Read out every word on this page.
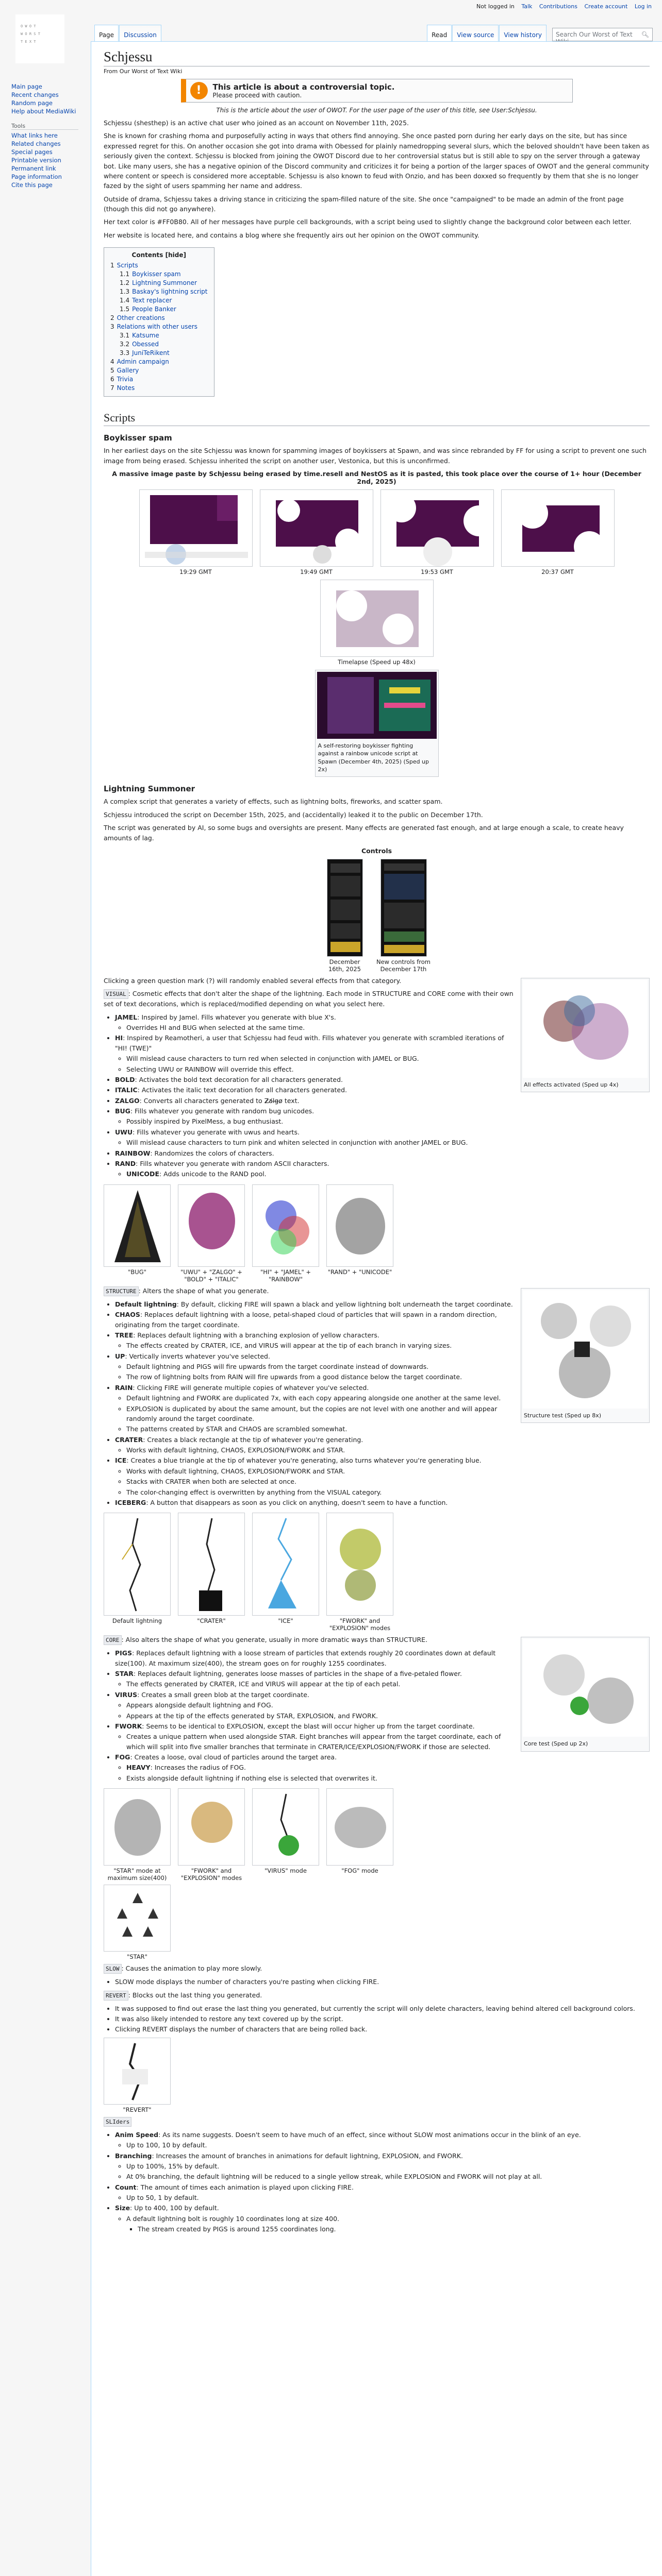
O W O T
W O R S T
T E X T
Not logged in Talk Contributions Create account Log in
Page	Discussion	Read	View source	View history	Search Our Worst of Text	🔍︎
Main page
Recent changes
Random page
Help about MediaWiki
Tools
What links here
Related changes
Special pages
Printable version
Permanent link
Page information
Cite this page
Schjessu
From Our Worst of Text Wiki
!	This article is about a controversial topic.
Please proceed with caution.
This is the article about the user of OWOT. For the user page of the user of this title, see User:Schjessu.

Schjessu (shesthep) is an active chat user who joined as an account on November 11th, 2025.

She is known for crashing rhoma and purposefully acting in ways that others find annoying. She once pasted porn during her early days on the site, but has since expressed regret for this. On another occasion she got into drama with Obessed for plainly namedropping several slurs, which the beloved shouldn't have been taken as seriously given the context. Schjessu is blocked from joining the OWOT Discord due to her controversial status but is still able to spy on the server through a gateway bot. Like many users, she has a negative opinion of the Discord community and criticizes it for being a portion of the larger spaces of OWOT and the general community where content or speech is considered more acceptable. Schjessu is also known to feud with Onzio, and has been doxxed so frequently by them that she is no longer fazed by the sight of users spamming her name and address.

Outside of drama, Schjessu takes a driving stance in criticizing the spam-filled nature of the site. She once "campaigned" to be made an admin of the front page (though this did not go anywhere).

Her text color is #FF0B80. All of her messages have purple cell backgrounds, with a script being used to slightly change the background color between each letter.

Her website is located here, and contains a blog where she frequently airs out her opinion on the OWOT community.

Contents [hide]
1 Scripts
1.1 Boykisser spam
1.2 Lightning Summoner
1.3 Baskay's lightning script
1.4 Text replacer
1.5 People Banker
2 Other creations
3 Relations with other users
3.1 Katsume
3.2 Obessed
3.3 JuniTeRikent
4 Admin campaign
5 Gallery
6 Trivia
7 Notes
Scripts
Boykisser spam

In her earliest days on the site Schjessu was known for spamming images of boykissers at Spawn, and was since rebranded by FF for using a script to prevent one such image from being erased. Schjessu inherited the script on another user, Vestonica, but this is unconfirmed.

A massive image paste by Schjessu being erased by time.resell and NestOS as it is pasted, this took place over the course of 1+ hour (December 2nd, 2025)
19:29 GMT	19:49 GMT	19:53 GMT	20:37 GMT
Timelapse (Speed up 48x)
A self-restoring boykisser fighting against a rainbow unicode script at Spawn (December 4th, 2025) (Sped up 2x)
Lightning Summoner

A complex script that generates a variety of effects, such as lightning bolts, fireworks, and scatter spam.

Schjessu introduced the script on December 15th, 2025, and (accidentally) leaked it to the public on December 17th.

The script was generated by AI, so some bugs and oversights are present. Many effects are generated fast enough, and at large enough a scale, to create heavy amounts of lag.

Controls
December 16th, 2025
New controls from December 17th
All effects activated (Sped up 4x)

Clicking a green question mark (?) will randomly enabled several effects from that category.

VISUAL : Cosmetic effects that don't alter the shape of the lightning. Each mode in STRUCTURE and CORE come with their own set of text decorations, which is replaced/modified depending on what you select here.

• JAMEL: Inspired by Jamel. Fills whatever you generate with blue X's.
◦ Overrides HI and BUG when selected at the same time.
• HI: Inspired by Reamotheri, a user that Schjessu had feud with. Fills whatever you generate with scrambled iterations of "HI! (TWE)"
◦ Will mislead cause characters to turn red when selected in conjunction with JAMEL or BUG.
◦ Selecting UWU or RAINBOW will override this effect.
• BOLD: Activates the bold text decoration for all characters generated.
• ITALIC: Activates the italic text decoration for all characters generated.
• ZALGO: Converts all characters generated to Z̷a̸l̵g̶o̷ text.
• BUG: Fills whatever you generate with random bug unicodes.
◦ Possibly inspired by PixelMess, a bug enthusiast.
• UWU: Fills whatever you generate with uwus and hearts.
◦ Will mislead cause characters to turn pink and whiten selected in conjunction with another JAMEL or BUG.
• RAINBOW: Randomizes the colors of characters.
• RAND: Fills whatever you generate with random ASCII characters.
◦ UNICODE: Adds unicode to the RAND pool.
"BUG"	"UWU" + "ZALGO" + "BOLD" + "ITALIC"
"HI" + "JAMEL" + "RAINBOW"
"RAND" + "UNICODE"
Structure test (Sped up 8x)

STRUCTURE : Alters the shape of what you generate.

• Default lightning: By default, clicking FIRE will spawn a black and yellow lightning bolt underneath the target coordinate.
• CHAOS: Replaces default lightning with a loose, petal-shaped cloud of particles that will spawn in a random direction, originating from the target coordinate.
• TREE: Replaces default lightning with a branching explosion of yellow characters.
◦ The effects created by CRATER, ICE, and VIRUS will appear at the tip of each branch in varying sizes.
• UP: Vertically inverts whatever you've selected.
◦ Default lightning and PIGS will fire upwards from the target coordinate instead of downwards.
◦ The row of lightning bolts from RAIN will fire upwards from a good distance below the target coordinate.
• RAIN: Clicking FIRE will generate multiple copies of whatever you've selected.
◦ Default lightning and FWORK are duplicated 7x, with each copy appearing alongside one another at the same level.
◦ EXPLOSION is duplicated by about the same amount, but the copies are not level with one another and will appear randomly around the target coordinate.
◦ The patterns created by STAR and CHAOS are scrambled somewhat.
• CRATER: Creates a black rectangle at the tip of whatever you're generating.
◦ Works with default lightning, CHAOS, EXPLOSION/FWORK and STAR.
• ICE: Creates a blue triangle at the tip of whatever you're generating, also turns whatever you're generating blue.
◦ Works with default lightning, CHAOS, EXPLOSION/FWORK and STAR.
◦ Stacks with CRATER when both are selected at once.
◦ The color-changing effect is overwritten by anything from the VISUAL category.
• ICEBERG: A button that disappears as soon as you click on anything, doesn't seem to have a function.
Default lightning	"CRATER"	"ICE"	"FWORK" and "EXPLOSION" modes
Core test (Sped up 2x)

CORE : Also alters the shape of what you generate, usually in more dramatic ways than STRUCTURE.

• PIGS: Replaces default lightning with a loose stream of particles that extends roughly 20 coordinates down at default size(100). At maximum size(400), the stream goes on for roughly 1255 coordinates.
• STAR: Replaces default lightning, generates loose masses of particles in the shape of a five-petaled flower.
◦ The effects generated by CRATER, ICE and VIRUS will appear at the tip of each petal.
• VIRUS: Creates a small green blob at the target coordinate.
◦ Appears alongside default lightning and FOG.
◦ Appears at the tip of the effects generated by STAR, EXPLOSION, and FWORK.
• FWORK: Seems to be identical to EXPLOSION, except the blast will occur higher up from the target coordinate.
◦ Creates a unique pattern when used alongside STAR. Eight branches will appear from the target coordinate, each of which will split into five smaller branches that terminate in CRATER/ICE/EXPLOSION/FWORK if those are selected.
• FOG: Creates a loose, oval cloud of particles around the target area.
◦ HEAVY: Increases the radius of FOG.
◦ Exists alongside default lightning if nothing else is selected that overwrites it.
"STAR" mode at maximum size(400)
"FWORK" and "EXPLOSION" modes
"VIRUS" mode	"FOG" mode
"STAR"

SLOW : Causes the animation to play more slowly.

• SLOW mode displays the number of characters you're pasting when clicking FIRE.

REVERT : Blocks out the last thing you generated.

• It was supposed to find out erase the last thing you generated, but currently the script will only delete characters, leaving behind altered cell background colors.
• It was also likely intended to restore any text covered up by the script.
• Clicking REVERT displays the number of characters that are being rolled back.
"REVERT"

SLIders

• Anim Speed: As its name suggests. Doesn't seem to have much of an effect, since without SLOW most animations occur in the blink of an eye.
◦ Up to 100, 10 by default.
• Branching: Increases the amount of branches in animations for default lightning, EXPLOSION, and FWORK.
◦ Up to 100%, 15% by default.
◦ At 0% branching, the default lightning will be reduced to a single yellow streak, while EXPLOSION and FWORK will not play at all.
• Count: The amount of times each animation is played upon clicking FIRE.
◦ Up to 50, 1 by default.
• Size: Up to 400, 100 by default.
◦ A default lightning bolt is roughly 10 coordinates long at size 400.
▪ The stream created by PIGS is around 1255 coordinates long.
